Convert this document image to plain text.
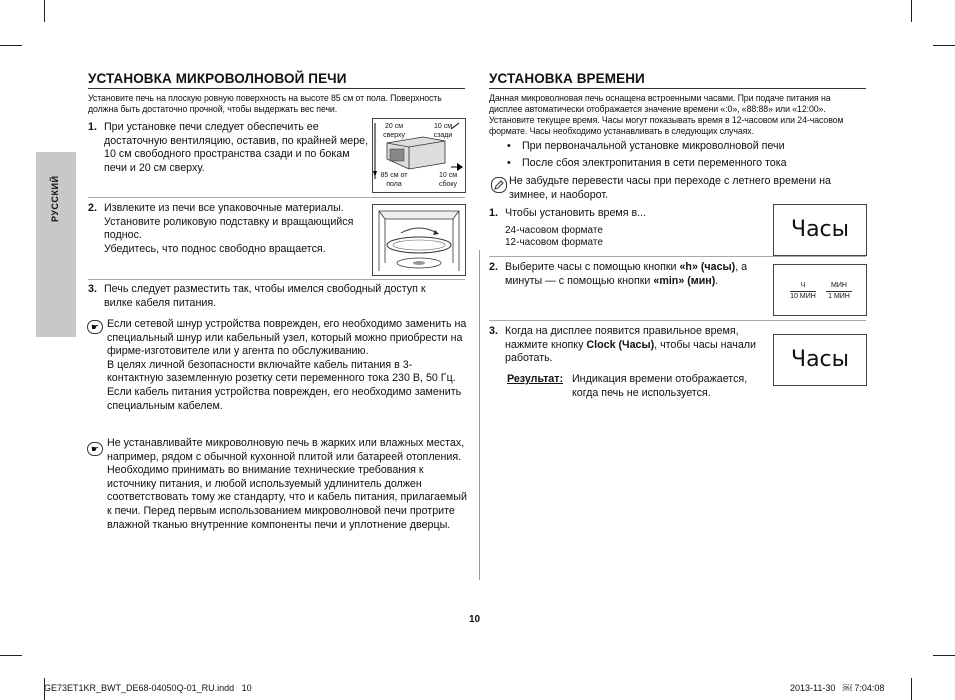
РУССКИЙ
УСТАНОВКА МИКРОВОЛНОВОЙ ПЕЧИ
Установите печь на плоскую ровную поверхность на высоте 85 см от пола. Поверхность должна быть достаточно прочной, чтобы выдержать вес печи.
1. При установке печи следует обеспечить ее достаточную вентиляцию, оставив, по крайней мере, 10 см свободного пространства сзади и по бокам печи и 20 см сверху.
20 см сверху
10 см сзади
85 см от пола
10 см сбоку
2. Извлеките из печи все упаковочные материалы. Установите роликовую подставку и вращающийся поднос.
Убедитесь, что поднос свободно вращается.
3. Печь следует разместить так, чтобы имелся свободный доступ к вилке кабеля питания.
☛ Если сетевой шнур устройства поврежден, его необходимо заменить на специальный шнур или кабельный узел, который можно приобрести на фирме-изготовителе или у агента по обслуживанию.
В целях личной безопасности включайте кабель питания в 3-контактную заземленную розетку сети переменного тока 230 В, 50 Гц. Если кабель питания устройства поврежден, его необходимо заменить специальным кабелем.
☛ Не устанавливайте микроволновую печь в жарких или влажных местах, например, рядом с обычной кухонной плитой или батареей отопления. Необходимо принимать во внимание технические требования к источнику питания, и любой используемый удлинитель должен соответствовать тому же стандарту, что и кабель питания, прилагаемый к печи. Перед первым использованием микроволновой печи протрите влажной тканью внутренние компоненты печи и уплотнение дверцы.
УСТАНОВКА ВРЕМЕНИ
Данная микроволновая печь оснащена встроенными часами. При подаче питания на дисплее автоматически отображается значение времени «:0», «88:88» или «12:00».
Установите текущее время. Часы могут показывать время в 12-часовом или 24-часовом формате. Часы необходимо устанавливать в следующих случаях.
• При первоначальной установке микроволновой печи
• После сбоя электропитания в сети переменного тока
Не забудьте перевести часы при переходе с летнего времени на зимнее, и наоборот.
1. Чтобы установить время в...
24-часовом формате
12-часовом формате
Часы
2. Выберите часы с помощью кнопки «h» (часы), а минуты — с помощью кнопки «min» (мин).	Ч
10 МИН
МИН
1 МИН
3. Когда на дисплее появится правильное время, нажмите кнопку Clock (Часы), чтобы часы начали работать.	Часы
Результат: Индикация времени отображается, когда печь не используется.
10
GE73ET1KR_BWT_DE68-04050Q-01_RU.indd   10	2013-11-30   ￼ 7:04:08
